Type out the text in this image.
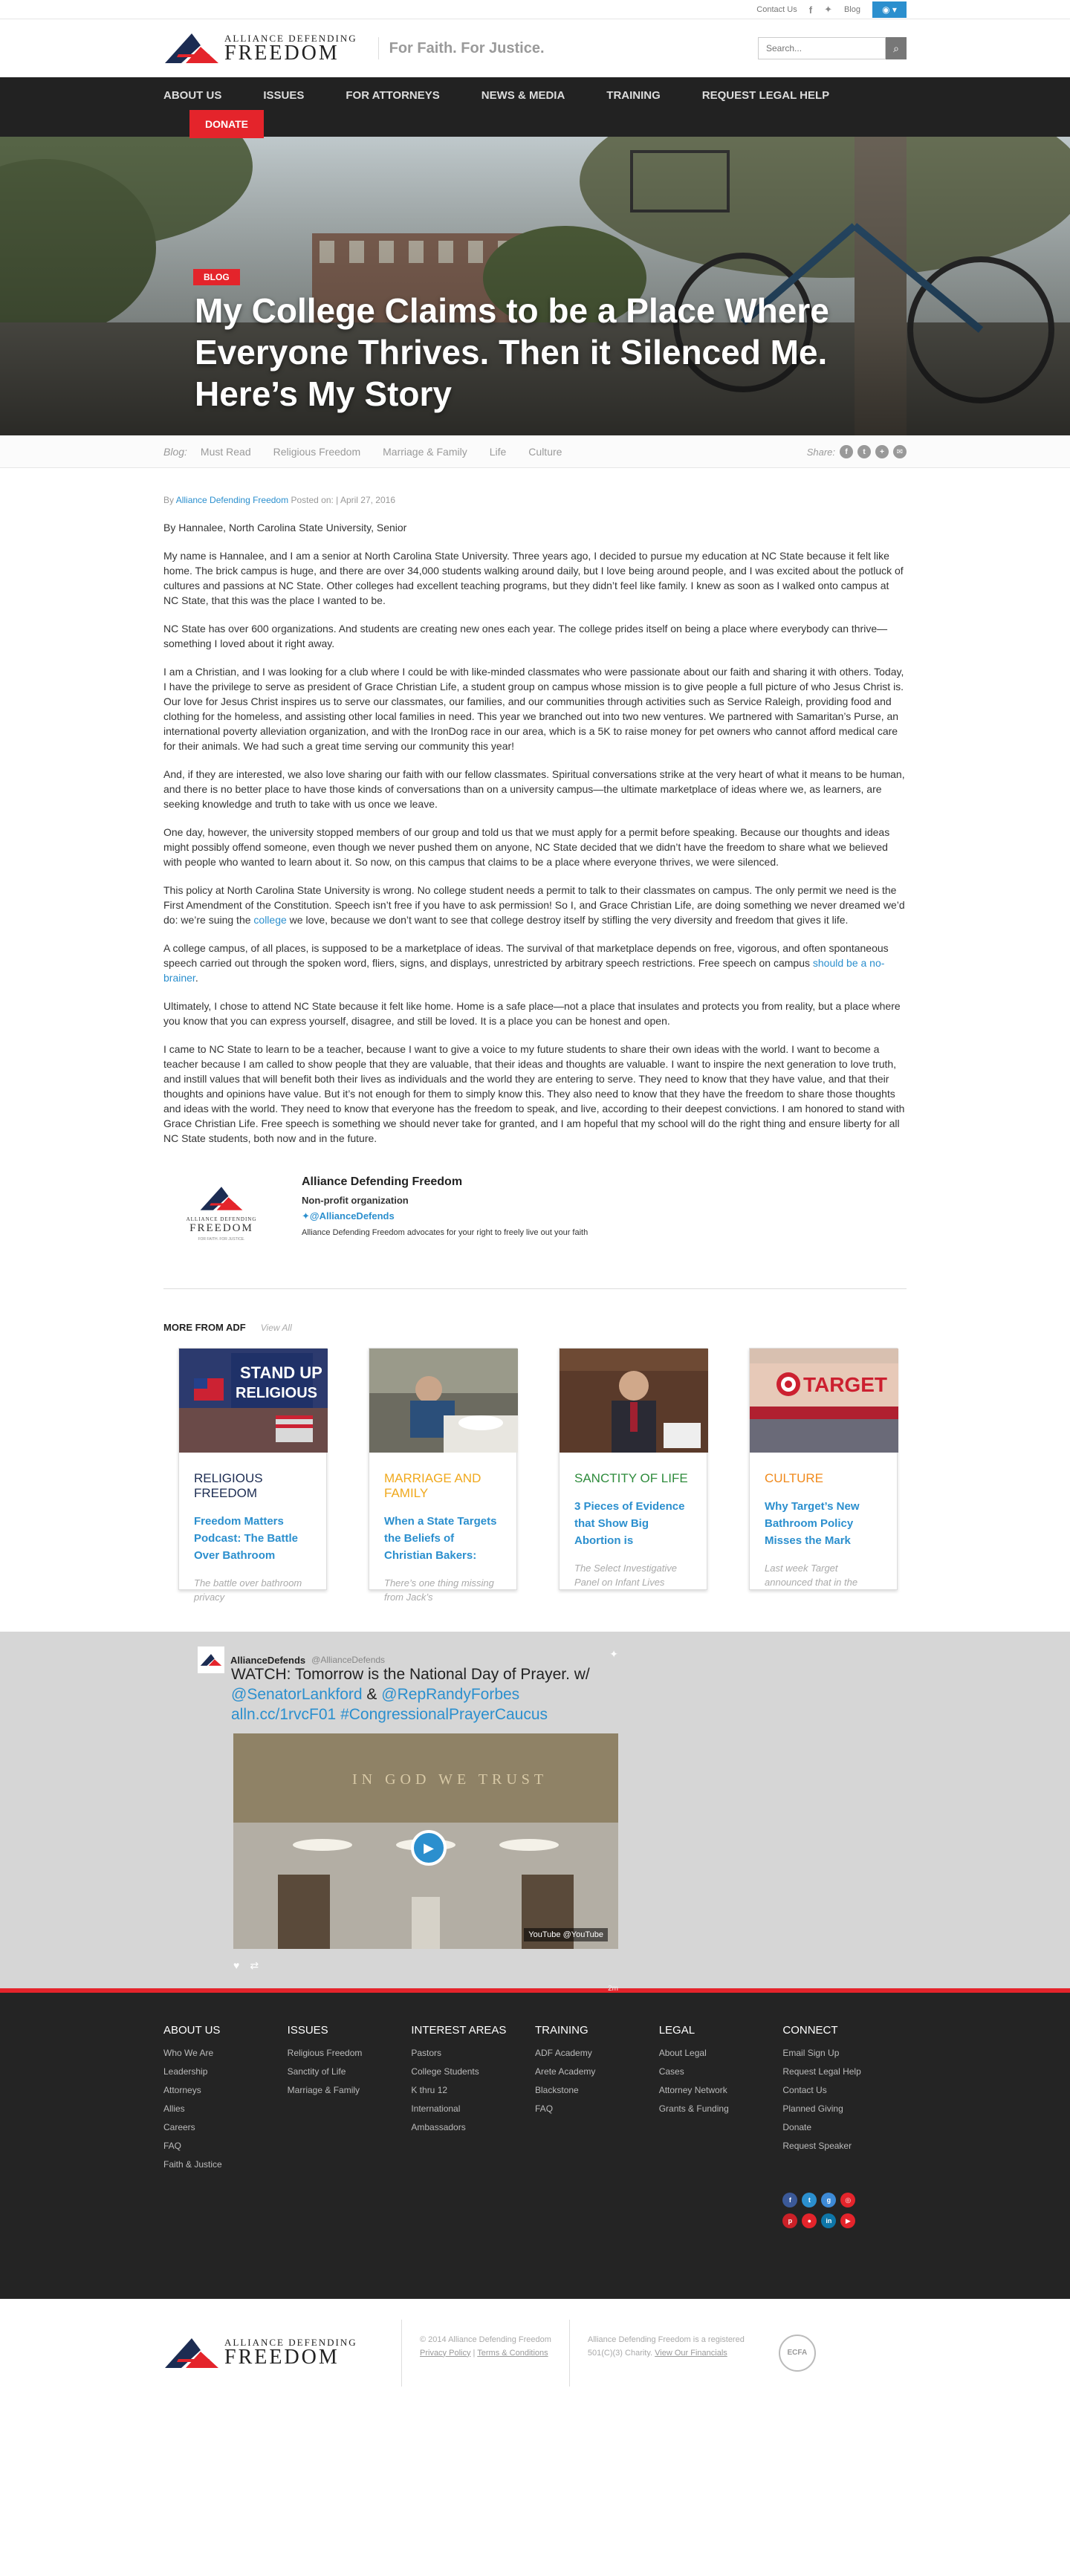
Contact Us f ✦ Blog	◉ ▾
ALLIANCE DEFENDING
FREEDOM	For Faith. For Justice.
Search...	⌕
ABOUT US	ISSUES	FOR ATTORNEYS	NEWS & MEDIA	TRAINING	REQUEST LEGAL HELP
DONATE
BLOG
My College Claims to be a Place Where Everyone Thrives. Then it Silenced Me. Here’s My Story
Blog: Must Read Religious Freedom Marriage & Family Life Culture	Share:	f	t	+	✉
By Alliance Defending Freedom Posted on: | April 27, 2016

By Hannalee, North Carolina State University, Senior

My name is Hannalee, and I am a senior at North Carolina State University. Three years ago, I decided to pursue my education at NC State because it felt like home. The brick campus is huge, and there are over 34,000 students walking around daily, but I love being around people, and I was excited about the potluck of cultures and passions at NC State. Other colleges had excellent teaching programs, but they didn’t feel like family. I knew as soon as I walked onto campus at NC State, that this was the place I wanted to be.

NC State has over 600 organizations. And students are creating new ones each year. The college prides itself on being a place where everybody can thrive—something I loved about it right away.

I am a Christian, and I was looking for a club where I could be with like-minded classmates who were passionate about our faith and sharing it with others. Today, I have the privilege to serve as president of Grace Christian Life, a student group on campus whose mission is to give people a full picture of who Jesus Christ is. Our love for Jesus Christ inspires us to serve our classmates, our families, and our communities through activities such as Service Raleigh, providing food and clothing for the homeless, and assisting other local families in need. This year we branched out into two new ventures. We partnered with Samaritan’s Purse, an international poverty alleviation organization, and with the IronDog race in our area, which is a 5K to raise money for pet owners who cannot afford medical care for their animals. We had such a great time serving our community this year!

And, if they are interested, we also love sharing our faith with our fellow classmates. Spiritual conversations strike at the very heart of what it means to be human, and there is no better place to have those kinds of conversations than on a university campus—the ultimate marketplace of ideas where we, as learners, are seeking knowledge and truth to take with us once we leave.

One day, however, the university stopped members of our group and told us that we must apply for a permit before speaking. Because our thoughts and ideas might possibly offend someone, even though we never pushed them on anyone, NC State decided that we didn’t have the freedom to share what we believed with people who wanted to learn about it. So now, on this campus that claims to be a place where everyone thrives, we were silenced.

This policy at North Carolina State University is wrong. No college student needs a permit to talk to their classmates on campus. The only permit we need is the First Amendment of the Constitution. Speech isn’t free if you have to ask permission! So I, and Grace Christian Life, are doing something we never dreamed we’d do: we’re suing the college we love, because we don’t want to see that college destroy itself by stifling the very diversity and freedom that gives it life.

A college campus, of all places, is supposed to be a marketplace of ideas. The survival of that marketplace depends on free, vigorous, and often spontaneous speech carried out through the spoken word, fliers, signs, and displays, unrestricted by arbitrary speech restrictions. Free speech on campus should be a no-brainer.

Ultimately, I chose to attend NC State because it felt like home. Home is a safe place—not a place that insulates and protects you from reality, but a place where you know that you can express yourself, disagree, and still be loved. It is a place you can be honest and open.

I came to NC State to learn to be a teacher, because I want to give a voice to my future students to share their own ideas with the world. I want to become a teacher because I am called to show people that they are valuable, that their ideas and thoughts are valuable. I want to inspire the next generation to love truth, and instill values that will benefit both their lives as individuals and the world they are entering to serve. They need to know that they have value, and that their thoughts and opinions have value. But it’s not enough for them to simply know this. They also need to know that they have the freedom to share those thoughts and ideas with the world. They need to know that everyone has the freedom to speak, and live, according to their deepest convictions. I am honored to stand with Grace Christian Life. Free speech is something we should never take for granted, and I am hopeful that my school will do the right thing and ensure liberty for all NC State students, both now and in the future.

ALLIANCE DEFENDING
FREEDOM
FOR FAITH. FOR JUSTICE.
Alliance Defending Freedom
Non-profit organization
✦@AllianceDefends
Alliance Defending Freedom advocates for your right to freely live out your faith
MORE FROM ADF View All
STAND UP
RELIGIOUS
RELIGIOUS FREEDOM
Freedom Matters Podcast: The Battle Over Bathroom
The battle over bathroom privacy
MARRIAGE AND FAMILY
When a State Targets the Beliefs of Christian Bakers:
There’s one thing missing from Jack’s
SANCTITY OF LIFE
3 Pieces of Evidence that Show Big Abortion is
The Select Investigative Panel on Infant Lives
TARGET
CULTURE
Why Target’s New Bathroom Policy Misses the Mark
Last week Target announced that in the
AllianceDefends @AllianceDefends	✦
WATCH: Tomorrow is the National Day of Prayer. w/ @SenatorLankford & @RepRandyForbes
alln.cc/1rvcF01 #CongressionalPrayerCaucus
IN GOD WE TRUST
▶
YouTube @YouTube
♥ ⇄
2m
ABOUT US
Who We Are
Leadership
Attorneys
Allies
Careers
FAQ
Faith & Justice
ISSUES
Religious Freedom
Sanctity of Life
Marriage & Family
INTEREST AREAS
Pastors
College Students
K thru 12
International
Ambassadors
TRAINING
ADF Academy
Arete Academy
Blackstone
FAQ
LEGAL
About Legal
Cases
Attorney Network
Grants & Funding
CONNECT
Email Sign Up
Request Legal Help
Contact Us
Planned Giving
Donate
Request Speaker
f	t	g	◎
p	●	in	▶
ALLIANCE DEFENDING
FREEDOM
© 2014 Alliance Defending Freedom
Privacy Policy | Terms & Conditions
Alliance Defending Freedom is a registered
501(C)(3) Charity. View Our Financials	ECFA
